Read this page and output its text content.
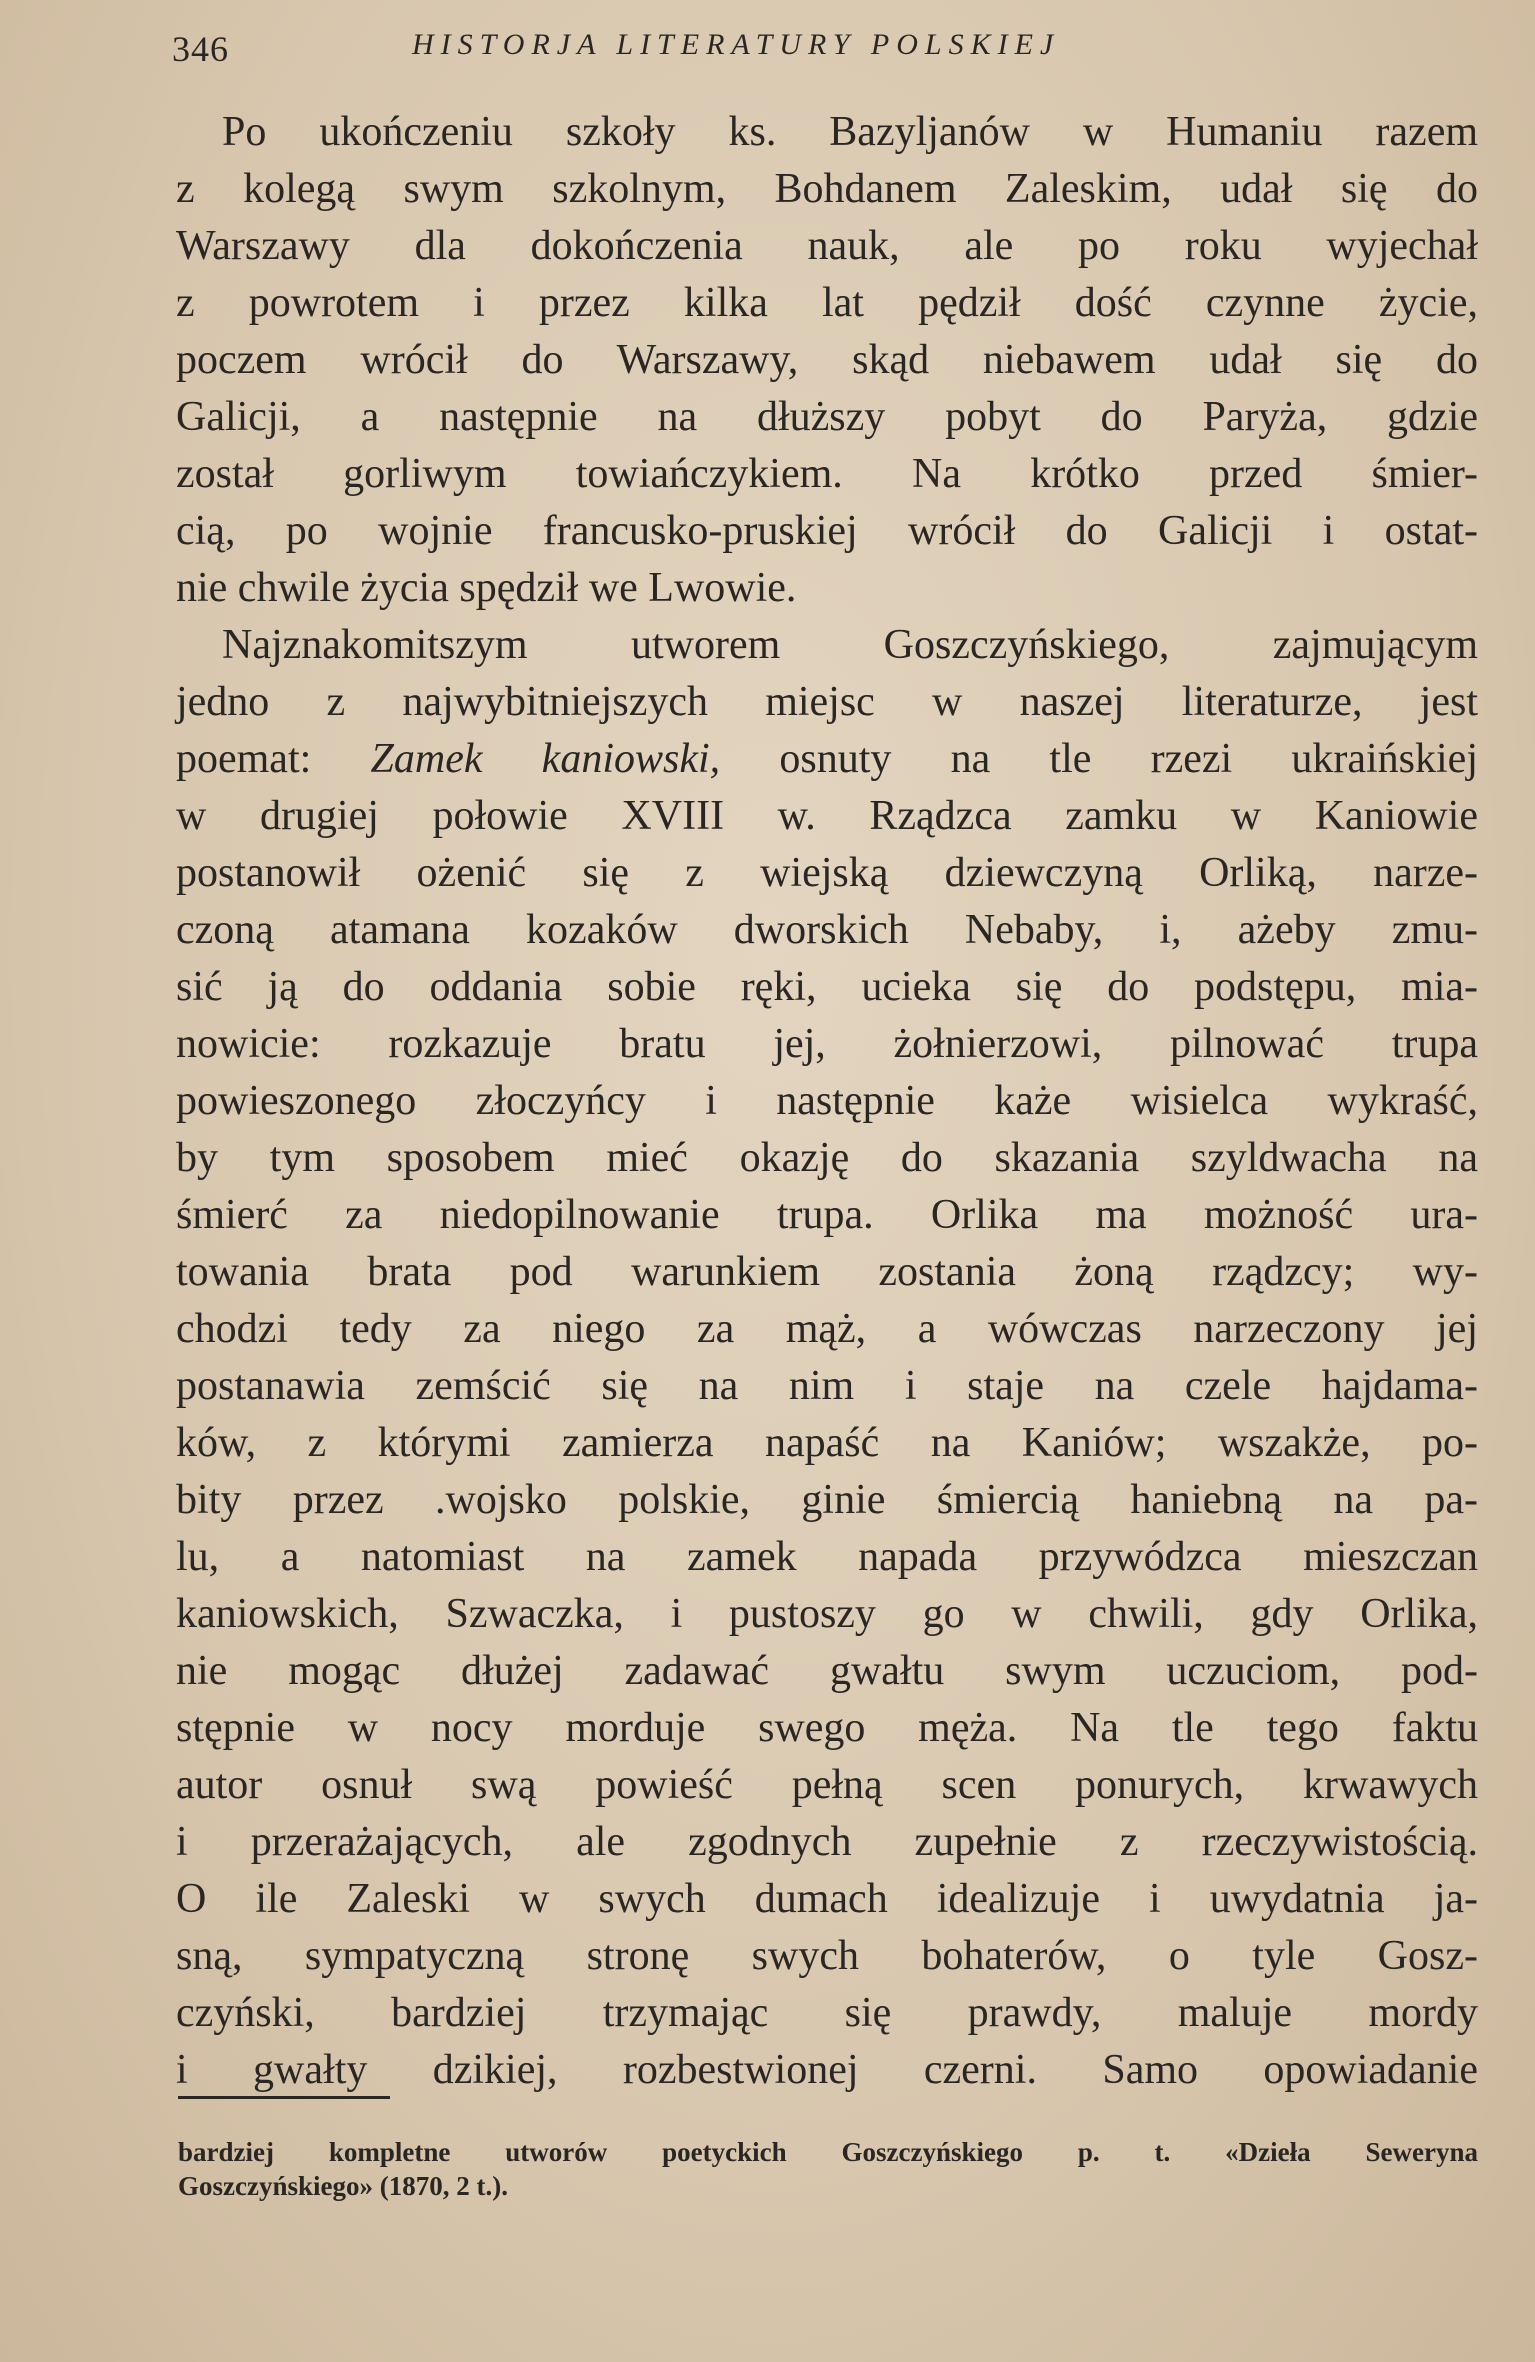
346	HISTORJA LITERATURY POLSKIEJ
Po ukończeniu szkoły ks. Bazyljanów w Humaniu razem
z kolegą swym szkolnym, Bohdanem Zaleskim, udał się do
Warszawy dla dokończenia nauk, ale po roku wyjechał
z powrotem i przez kilka lat pędził dość czynne życie,
poczem wrócił do Warszawy, skąd niebawem udał się do
Galicji, a następnie na dłuższy pobyt do Paryża, gdzie
został gorliwym towiańczykiem. Na krótko przed śmier-
cią, po wojnie francusko-pruskiej wrócił do Galicji i ostat-
nie chwile życia spędził we Lwowie.
Najznakomitszym utworem Goszczyńskiego, zajmującym
jedno z najwybitniejszych miejsc w naszej literaturze, jest
poemat: Zamek kaniowski, osnuty na tle rzezi ukraińskiej
w drugiej połowie XVIII w. Rządzca zamku w Kaniowie
postanowił ożenić się z wiejską dziewczyną Orliką, narze-
czoną atamana kozaków dworskich Nebaby, i, ażeby zmu-
sić ją do oddania sobie ręki, ucieka się do podstępu, mia-
nowicie: rozkazuje bratu jej, żołnierzowi, pilnować trupa
powieszonego złoczyńcy i następnie każe wisielca wykraść,
by tym sposobem mieć okazję do skazania szyldwacha na
śmierć za niedopilnowanie trupa. Orlika ma możność ura-
towania brata pod warunkiem zostania żoną rządzcy; wy-
chodzi tedy za niego za mąż, a wówczas narzeczony jej
postanawia zemścić się na nim i staje na czele hajdama-
ków, z którymi zamierza napaść na Kaniów; wszakże, po-
bity przez .wojsko polskie, ginie śmiercią haniebną na pa-
lu, a natomiast na zamek napada przywódzca mieszczan
kaniowskich, Szwaczka, i pustoszy go w chwili, gdy Orlika,
nie mogąc dłużej zadawać gwałtu swym uczuciom, pod-
stępnie w nocy morduje swego męża. Na tle tego faktu
autor osnuł swą powieść pełną scen ponurych, krwawych
i przerażających, ale zgodnych zupełnie z rzeczywistością.
O ile Zaleski w swych dumach idealizuje i uwydatnia ja-
sną, sympatyczną stronę swych bohaterów, o tyle Gosz-
czyński, bardziej trzymając się prawdy, maluje mordy
i gwałty dzikiej, rozbestwionej czerni. Samo opowiadanie
bardziej kompletne utworów poetyckich Goszczyńskiego p. t. «Dzieła Seweryna
Goszczyńskiego» (1870, 2 t.).
